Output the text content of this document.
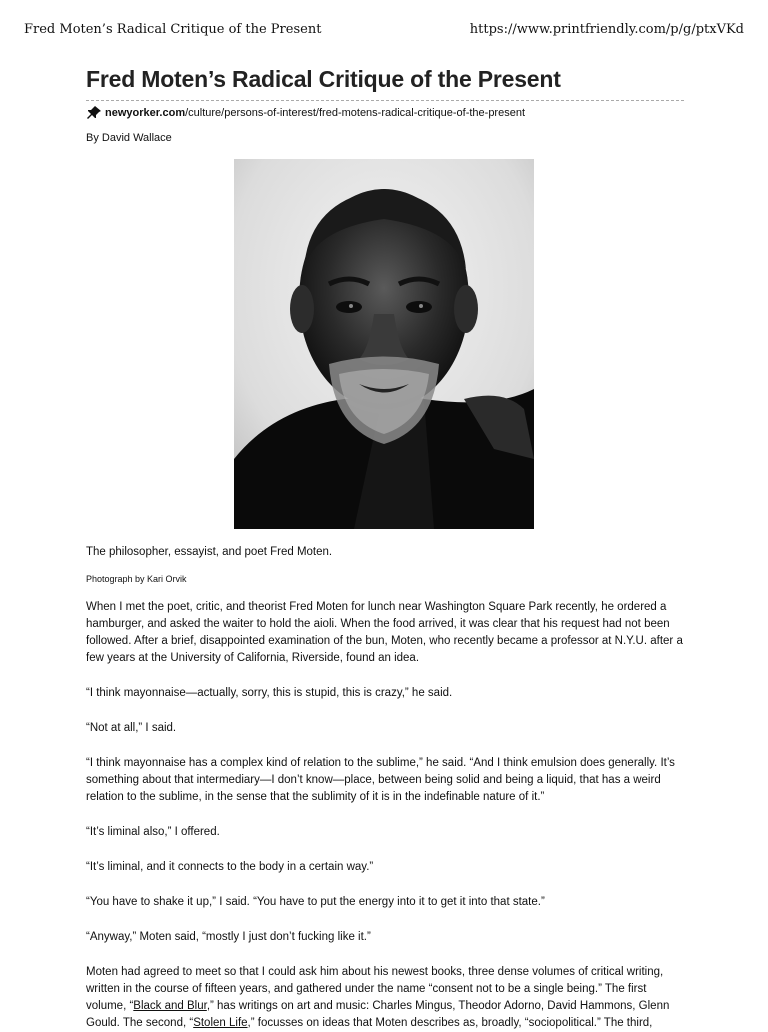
Fred Moten’s Radical Critique of the Present	https://www.printfriendly.com/p/g/ptxVKd
Fred Moten’s Radical Critique of the Present
newyorker.com /culture/persons-of-interest/fred-motens-radical-critique-of-the-present
By David Wallace
The philosopher, essayist, and poet Fred Moten.
Photograph by Kari Orvik

When I met the poet, critic, and theorist Fred Moten for lunch near Washington Square Park recently, he ordered a hamburger, and asked the waiter to hold the aioli. When the food arrived, it was clear that his request had not been followed. After a brief, disappointed examination of the bun, Moten, who recently became a professor at N.Y.U. after a few years at the University of California, Riverside, found an idea.

“I think mayonnaise—actually, sorry, this is stupid, this is crazy,” he said.

“Not at all,” I said.

“I think mayonnaise has a complex kind of relation to the sublime,” he said. “And I think emulsion does generally. It’s something about that intermediary—I don’t know—place, between being solid and being a liquid, that has a weird relation to the sublime, in the sense that the sublimity of it is in the indefinable nature of it.”

“It’s liminal also,” I offered.

“It’s liminal, and it connects to the body in a certain way.”

“You have to shake it up,” I said. “You have to put the energy into it to get it into that state.”

“Anyway,” Moten said, “mostly I just don’t fucking like it.”

Moten had agreed to meet so that I could ask him about his newest books, three dense volumes of critical writing, written in the course of fifteen years, and gathered under the name “consent not to be a single being.” The first volume, “Black and Blur,” has writings on art and music: Charles Mingus, Theodor Adorno, David Hammons, Glenn Gould. The second, “Stolen Life,” focusses on ideas that Moten describes as, broadly, “sociopolitical.” The third,
